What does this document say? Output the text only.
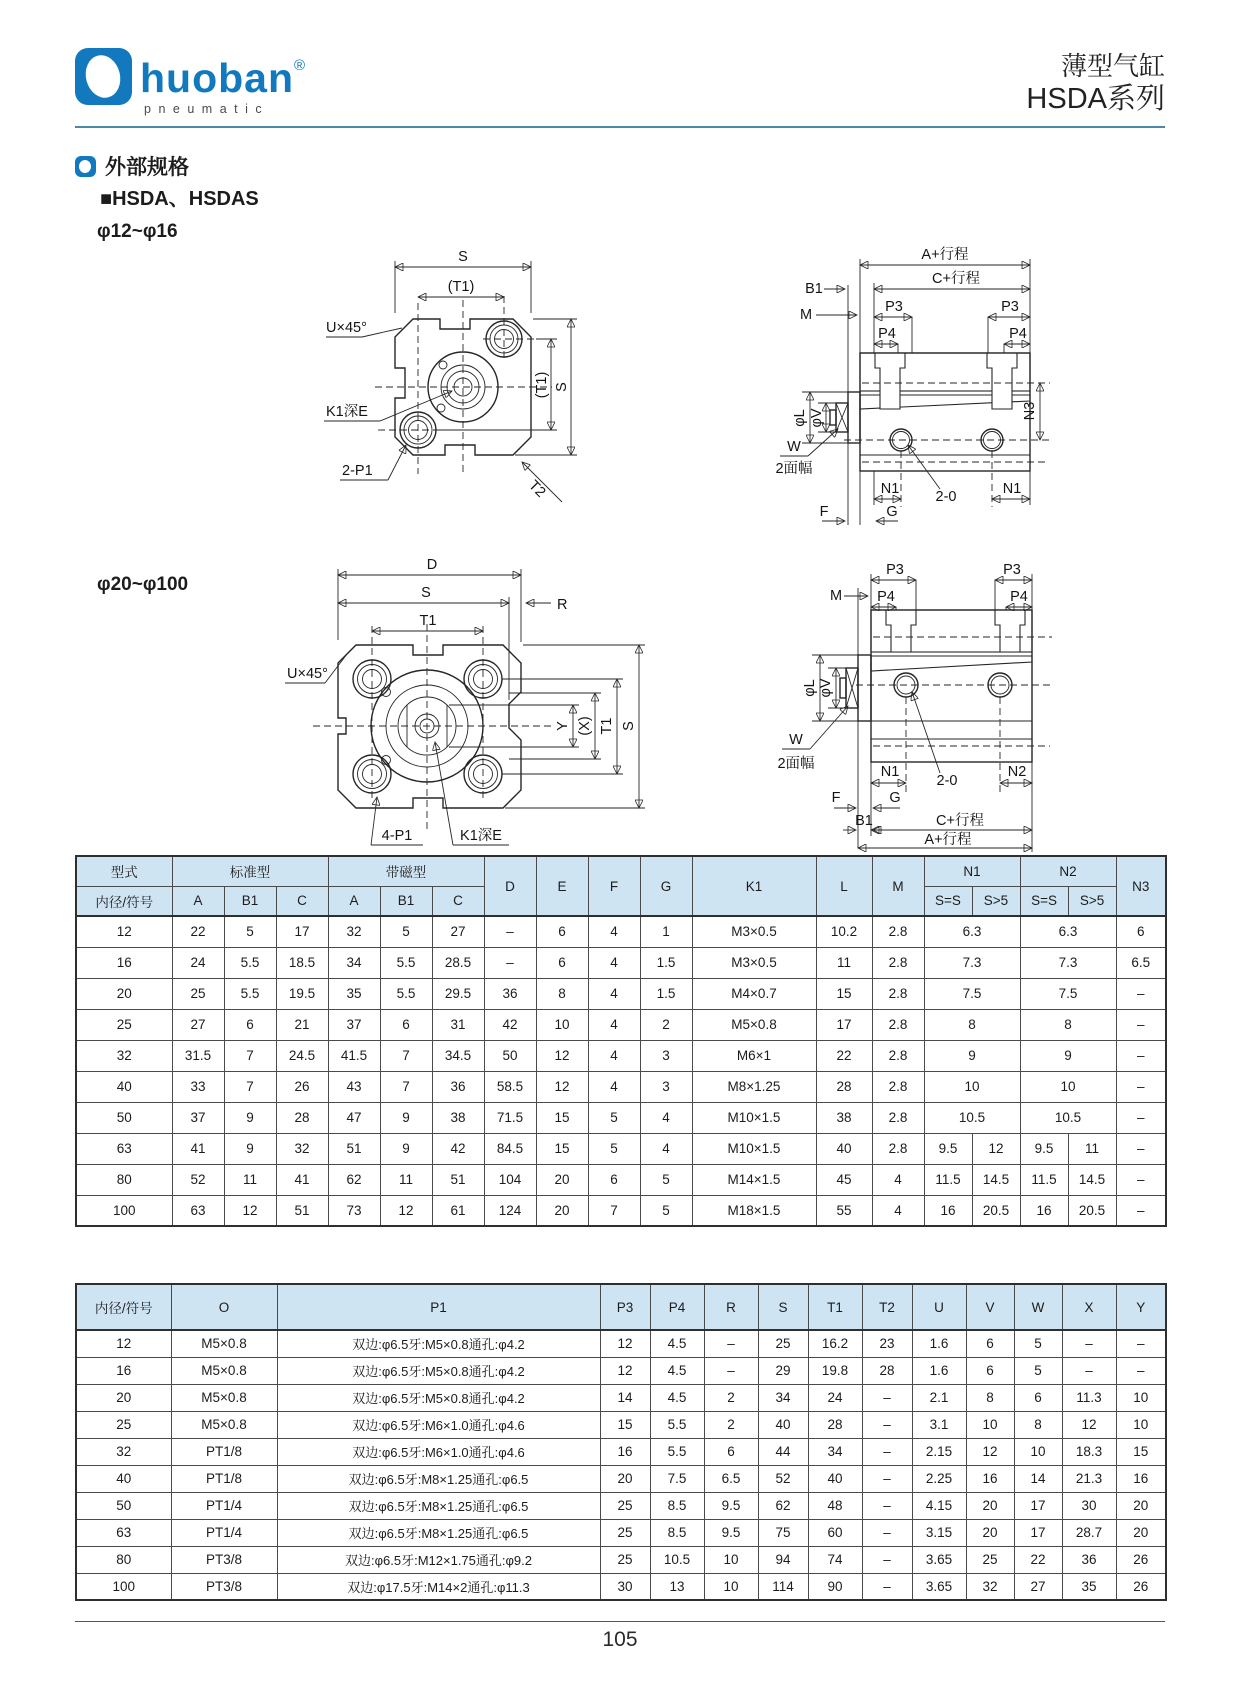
huoban®
pneumatic
薄型气缸
HSDA系列
外部规格
■HSDA、HSDAS
φ12~φ16
φ20~φ100
S
(T1)
(T1) S
U×45°
K1深E
2-P1
T2
A+行程
C+行程
B1
M	P3
P4
P3
P4
φL φV	N3
N1 2-0	N1
G
F
W
2面幅
D
S
T1
R
Y (X) T1 S
U×45°
4-P1	K1深E
P3
P4
P3
P4
M
φL φV
W
2面幅	N1
2-0
N2
F	G
B1	C+行程
A+行程
型式	标准型			带磁型			D	E	F	G	K1	L	M	N1		N2		N3
内径/符号	A	B1	C	A	B1	C								S=S	S>5	S=S	S>5	
12	22	5	17	32	5	27	–	6	4	1	M3×0.5	10.2	2.8	6.3		6.3		6
16	24	5.5	18.5	34	5.5	28.5	–	6	4	1.5	M3×0.5	11	2.8	7.3		7.3		6.5
20	25	5.5	19.5	35	5.5	29.5	36	8	4	1.5	M4×0.7	15	2.8	7.5		7.5		–
25	27	6	21	37	6	31	42	10	4	2	M5×0.8	17	2.8	8		8		–
32	31.5	7	24.5	41.5	7	34.5	50	12	4	3	M6×1	22	2.8	9		9		–
40	33	7	26	43	7	36	58.5	12	4	3	M8×1.25	28	2.8	10		10		–
50	37	9	28	47	9	38	71.5	15	5	4	M10×1.5	38	2.8	10.5		10.5		–
63	41	9	32	51	9	42	84.5	15	5	4	M10×1.5	40	2.8	9.5	12	9.5	11	–
80	52	11	41	62	11	51	104	20	6	5	M14×1.5	45	4	11.5	14.5	11.5	14.5	–
100	63	12	51	73	12	61	124	20	7	5	M18×1.5	55	4	16	20.5	16	20.5	–
内径/符号	O	P1	P3	P4	R	S	T1	T2	U	V	W	X	Y
12	M5×0.8	双边:φ6.5牙:M5×0.8通孔:φ4.2	12	4.5	–	25	16.2	23	1.6	6	5	–	–
16	M5×0.8	双边:φ6.5牙:M5×0.8通孔:φ4.2	12	4.5	–	29	19.8	28	1.6	6	5	–	–
20	M5×0.8	双边:φ6.5牙:M5×0.8通孔:φ4.2	14	4.5	2	34	24	–	2.1	8	6	11.3	10
25	M5×0.8	双边:φ6.5牙:M6×1.0通孔:φ4.6	15	5.5	2	40	28	–	3.1	10	8	12	10
32	PT1/8	双边:φ6.5牙:M6×1.0通孔:φ4.6	16	5.5	6	44	34	–	2.15	12	10	18.3	15
40	PT1/8	双边:φ6.5牙:M8×1.25通孔:φ6.5	20	7.5	6.5	52	40	–	2.25	16	14	21.3	16
50	PT1/4	双边:φ6.5牙:M8×1.25通孔:φ6.5	25	8.5	9.5	62	48	–	4.15	20	17	30	20
63	PT1/4	双边:φ6.5牙:M8×1.25通孔:φ6.5	25	8.5	9.5	75	60	–	3.15	20	17	28.7	20
80	PT3/8	双边:φ6.5牙:M12×1.75通孔:φ9.2	25	10.5	10	94	74	–	3.65	25	22	36	26
100	PT3/8	双边:φ17.5牙:M14×2通孔:φ11.3	30	13	10	114	90	–	3.65	32	27	35	26
105
